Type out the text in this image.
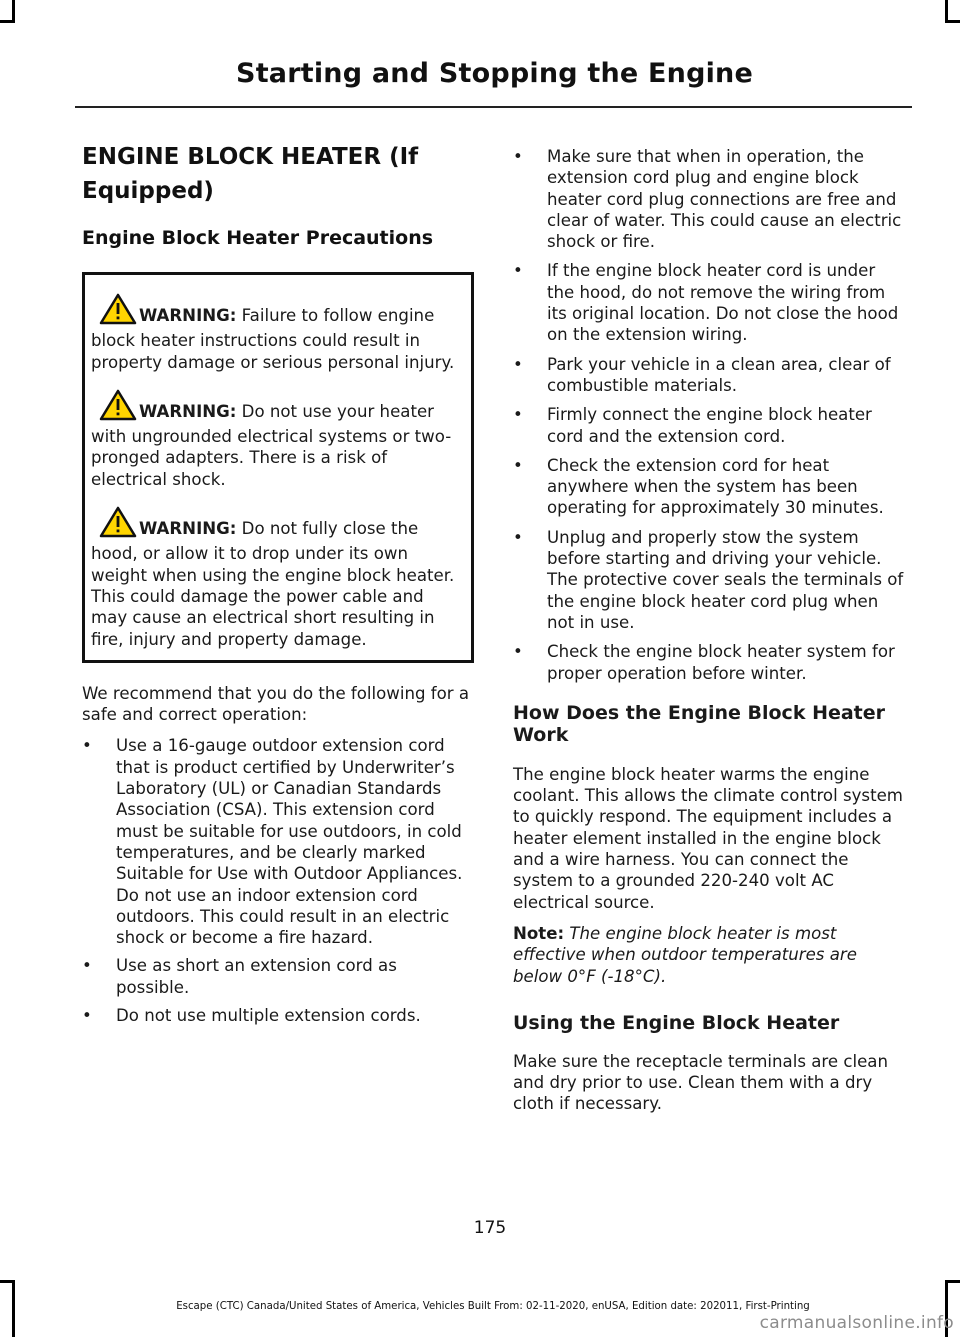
Starting and Stopping the Engine
ENGINE BLOCK HEATER (If
Equipped)
Engine Block Heater Precautions

WARNING: Failure to follow engine block heater instructions could result in property damage or serious personal injury.

WARNING: Do not use your heater with ungrounded electrical systems or two-pronged adapters. There is a risk of electrical shock.

WARNING: Do not fully close the hood, or allow it to drop under its own weight when using the engine block heater. This could damage the power cable and may cause an electrical short resulting in fire, injury and property damage.

We recommend that you do the following for a safe and correct operation:

•	Use a 16-gauge outdoor extension cord that is product certified by Underwriter’s Laboratory (UL) or Canadian Standards Association (CSA). This extension cord must be suitable for use outdoors, in cold temperatures, and be clearly marked Suitable for Use with Outdoor Appliances. Do not use an indoor extension cord outdoors. This could result in an electric shock or become a fire hazard.
•	Use as short an extension cord as possible.
•	Do not use multiple extension cords.
•	Make sure that when in operation, the extension cord plug and engine block heater cord plug connections are free and clear of water. This could cause an electric shock or fire.
•	If the engine block heater cord is under the hood, do not remove the wiring from its original location. Do not close the hood on the extension wiring.
•	Park your vehicle in a clean area, clear of combustible materials.
•	Firmly connect the engine block heater cord and the extension cord.
•	Check the extension cord for heat anywhere when the system has been operating for approximately 30 minutes.
•	Unplug and properly stow the system before starting and driving your vehicle. The protective cover seals the terminals of the engine block heater cord plug when not in use.
•	Check the engine block heater system for proper operation before winter.
How Does the Engine Block Heater Work

The engine block heater warms the engine coolant. This allows the climate control system to quickly respond. The equipment includes a heater element installed in the engine block and a wire harness. You can connect the system to a grounded 220-240 volt AC electrical source.

Note: The engine block heater is most effective when outdoor temperatures are below 0°F (-18°C).

Using the Engine Block Heater

Make sure the receptacle terminals are clean and dry prior to use. Clean them with a dry cloth if necessary.

175
Escape (CTC) Canada/United States of America, Vehicles Built From: 02-11-2020, enUSA, Edition date: 202011, First-Printing
carmanualsonline.info
